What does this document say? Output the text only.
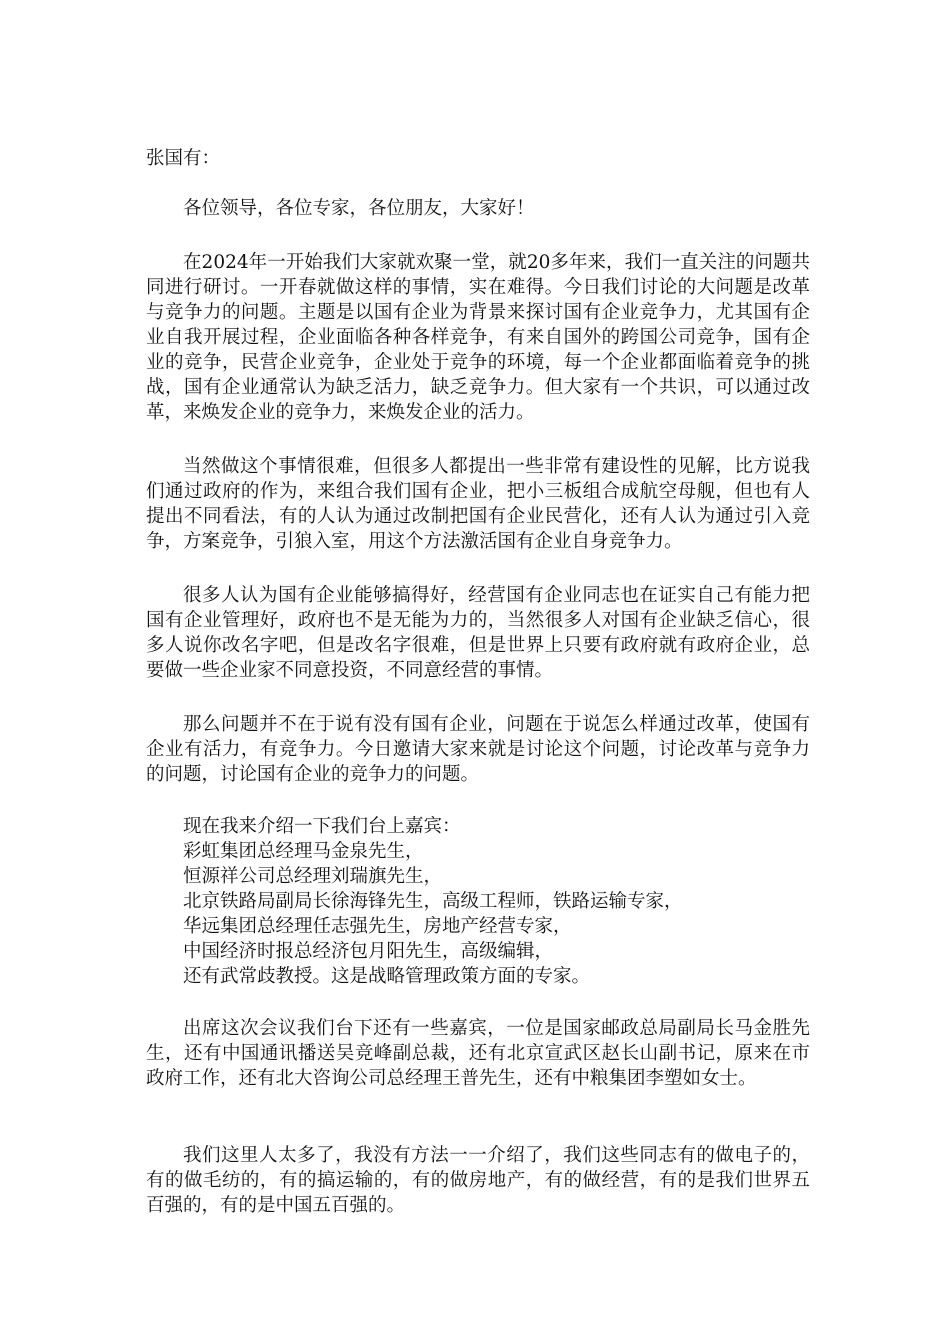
张国有：

各位领导，各位专家，各位朋友，大家好！

在2024年一开始我们大家就欢聚一堂，就20多年来，我们一直关注的问题共同进行研讨。一开春就做这样的事情，实在难得。今日我们讨论的大问题是改革与竞争力的问题。主题是以国有企业为背景来探讨国有企业竞争力，尤其国有企业自我开展过程，企业面临各种各样竞争，有来自国外的跨国公司竞争，国有企业的竞争，民营企业竞争，企业处于竞争的环境，每一个企业都面临着竞争的挑战，国有企业通常认为缺乏活力，缺乏竞争力。但大家有一个共识，可以通过改革，来焕发企业的竞争力，来焕发企业的活力。

当然做这个事情很难，但很多人都提出一些非常有建设性的见解，比方说我们通过政府的作为，来组合我们国有企业，把小三板组合成航空母舰，但也有人提出不同看法，有的人认为通过改制把国有企业民营化，还有人认为通过引入竞争，方案竞争，引狼入室，用这个方法激活国有企业自身竞争力。

很多人认为国有企业能够搞得好，经营国有企业同志也在证实自己有能力把国有企业管理好，政府也不是无能为力的，当然很多人对国有企业缺乏信心，很多人说你改名字吧，但是改名字很难，但是世界上只要有政府就有政府企业，总要做一些企业家不同意投资，不同意经营的事情。

那么问题并不在于说有没有国有企业，问题在于说怎么样通过改革，使国有企业有活力，有竞争力。今日邀请大家来就是讨论这个问题，讨论改革与竞争力的问题，讨论国有企业的竞争力的问题。

现在我来介绍一下我们台上嘉宾：
彩虹集团总经理马金泉先生，
恒源祥公司总经理刘瑞旗先生，
北京铁路局副局长徐海锋先生，高级工程师，铁路运输专家，
华远集团总经理任志强先生，房地产经营专家，
中国经济时报总经济包月阳先生，高级编辑，
还有武常歧教授。这是战略管理政策方面的专家。

出席这次会议我们台下还有一些嘉宾，一位是国家邮政总局副局长马金胜先生，还有中国通讯播送吴竞峰副总裁，还有北京宣武区赵长山副书记，原来在市政府工作，还有北大咨询公司总经理王普先生，还有中粮集团李塑如女士。

我们这里人太多了，我没有方法一一介绍了，我们这些同志有的做电子的，有的做毛纺的，有的搞运输的，有的做房地产，有的做经营，有的是我们世界五百强的，有的是中国五百强的。
